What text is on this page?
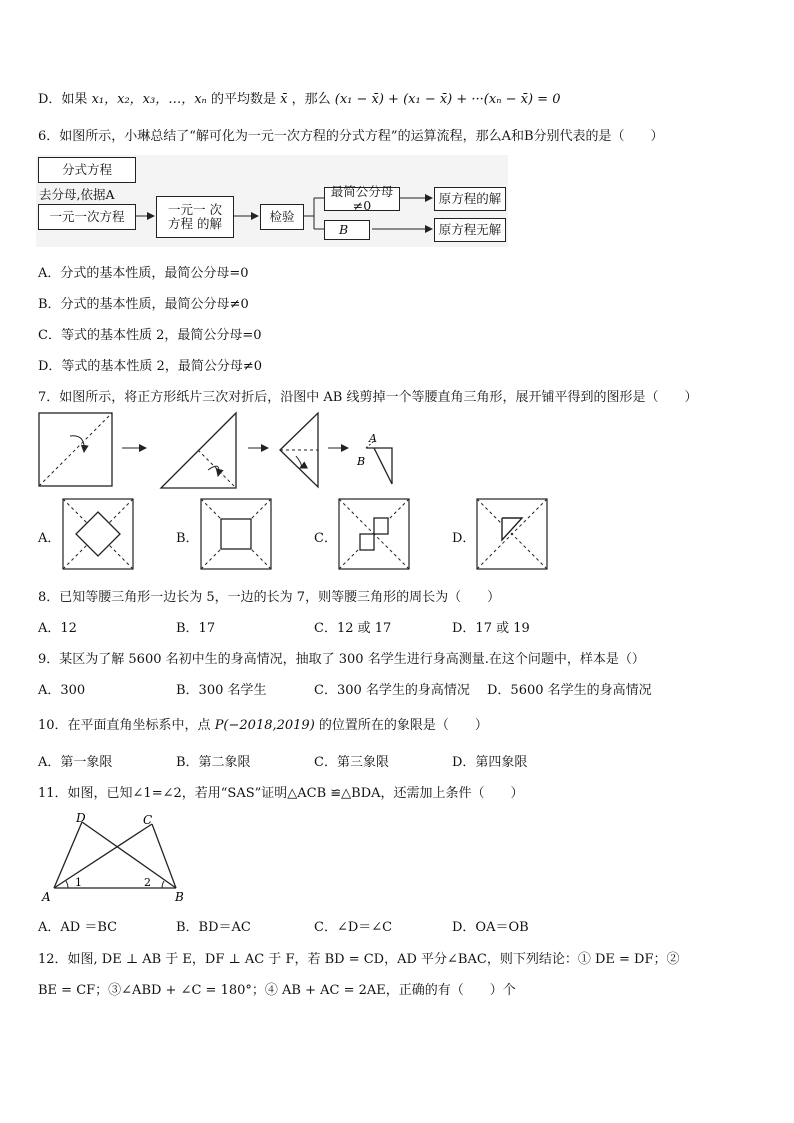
D．如果 x₁，x₂，x₃，…，xₙ 的平均数是 x̄ ，那么 (x₁ − x̄) + (x₁ − x̄) + ···(xₙ − x̄) = 0
6．如图所示，小琳总结了“解可化为一元一次方程的分式方程”的运算流程，那么A和B分别代表的是（　　）
分式方程
去分母,依据A
一元一次方程	一元一 次
方程 的解	检验
最简公分母≠0
B
原方程的解
原方程无解
A．分式的基本性质，最简公分母=0
B．分式的基本性质，最简公分母≠0
C．等式的基本性质 2，最简公分母=0
D．等式的基本性质 2，最简公分母≠0
7．如图所示，将正方形纸片三次对折后，沿图中 AB 线剪掉一个等腰直角三角形，展开铺平得到的图形是（　　）
A
B
A．	B．	C．	D．
8．已知等腰三角形一边长为 5，一边的长为 7，则等腰三角形的周长为（　　）
A．12	B．17	C．12 或 17	D．17 或 19
9．某区为了解 5600 名初中生的身高情况，抽取了 300 名学生进行身高测量.在这个问题中，样本是（）
A．300	B．300 名学生	C．300 名学生的身高情况 D．5600 名学生的身高情况
10．在平面直角坐标系中，点 P(−2018,2019) 的位置所在的象限是（　　）
A．第一象限	B．第二象限	C．第三象限	D．第四象限
11．如图，已知∠1=∠2，若用“SAS”证明△ACB ≌△BDA，还需加上条件（　　）
D	C
A	B
1	2
A．AD ＝BC	B．BD＝AC	C．∠D＝∠C	D．OA＝OB
12．如图, DE ⊥ AB 于 E，DF ⊥ AC 于 F，若 BD = CD，AD 平分∠BAC，则下列结论：① DE = DF；②
BE = CF；③∠ABD + ∠C = 180°；④ AB + AC = 2AE，正确的有（　　）个
